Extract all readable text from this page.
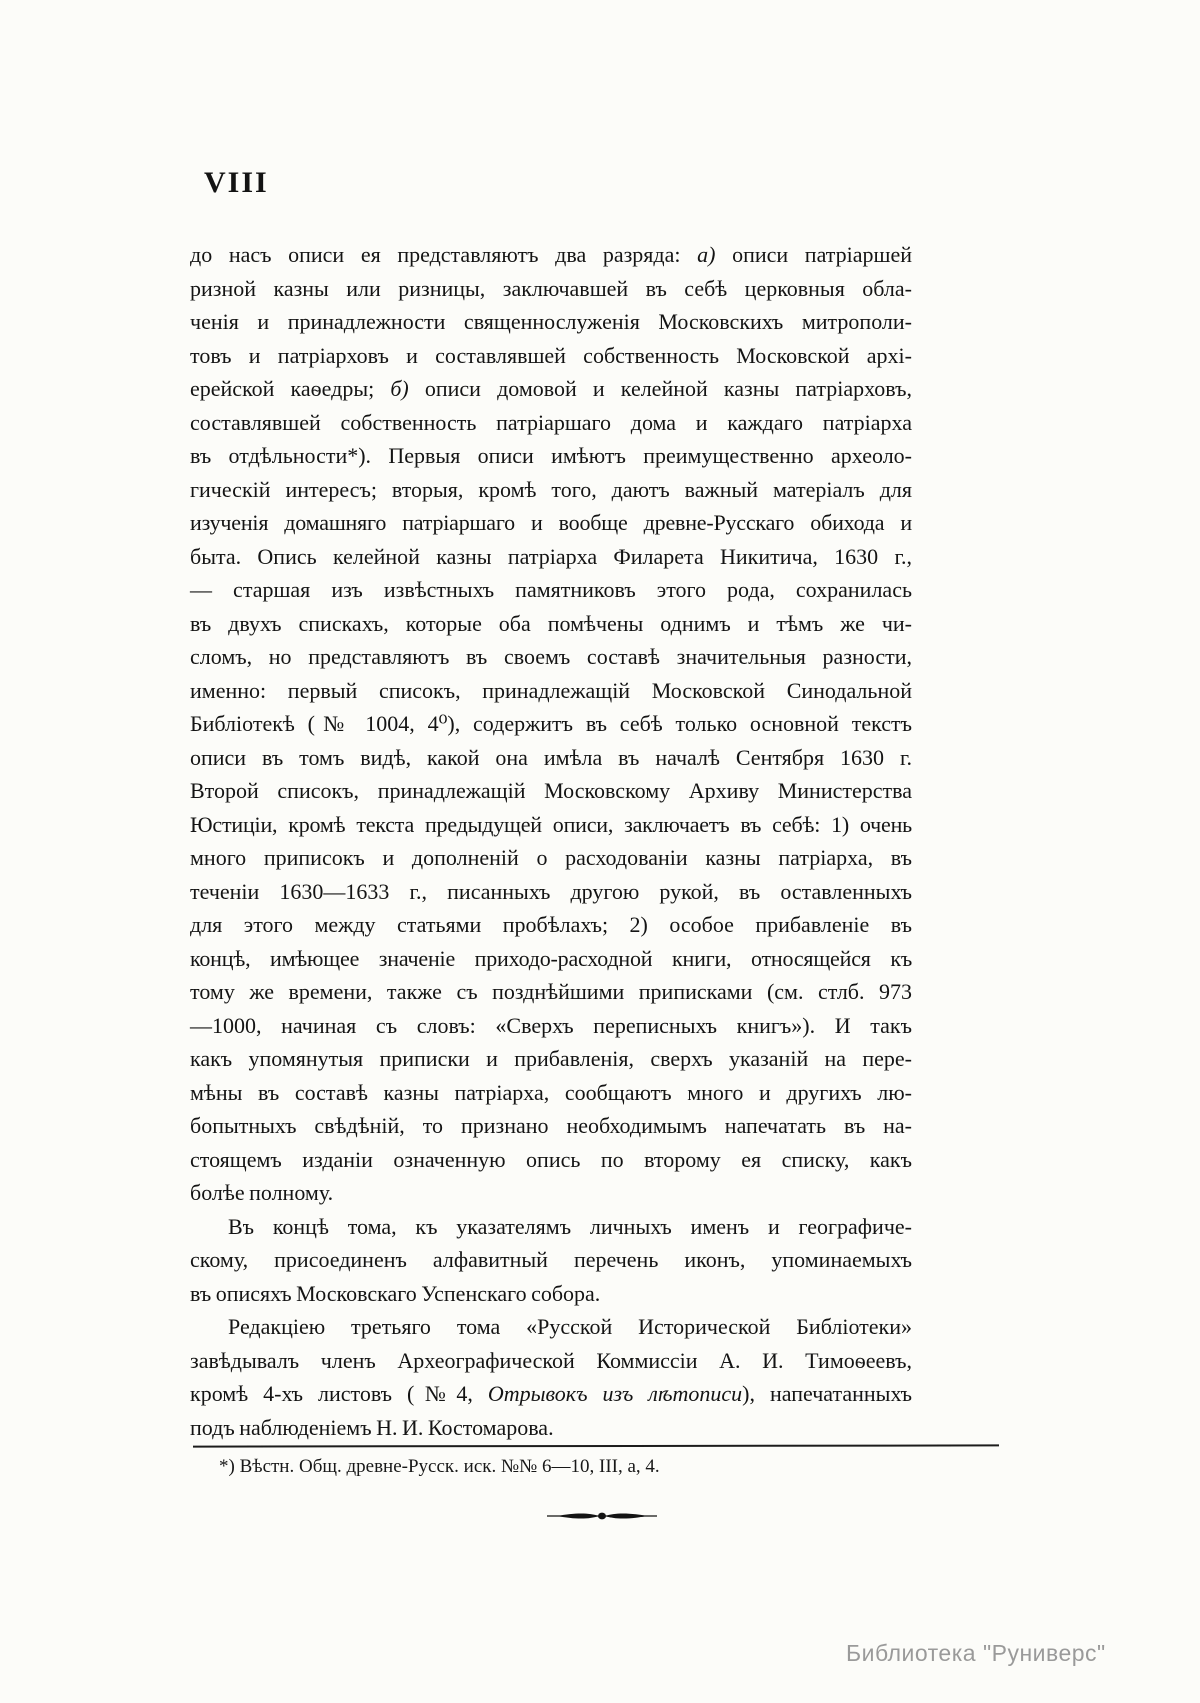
VIII
до насъ описи ея представляютъ два разряда: а) описи патріаршей
ризной казны или ризницы, заключавшей въ себѣ церковныя обла-
ченія и принадлежности священнослуженія Московскихъ митрополи-
товъ и патріарховъ и составлявшей собственность Московской архі-
ерейской каѳедры; б) описи домовой и келейной казны патріарховъ,
составлявшей собственность патріаршаго дома и каждаго патріарха
въ отдѣльности*). Первыя описи имѣютъ преимущественно археоло-
гическій интересъ; вторыя, кромѣ того, даютъ важный матеріалъ для
изученія домашняго патріаршаго и вообще древне-Русскаго обихода и
быта. Опись келейной казны патріарха Филарета Никитича, 1630 г.,
— старшая изъ извѣстныхъ памятниковъ этого рода, сохранилась
въ двухъ спискахъ, которые оба помѣчены однимъ и тѣмъ же чи-
сломъ, но представляютъ въ своемъ составѣ значительныя разности,
именно: первый списокъ, принадлежащій Московской Синодальной
Библіотекѣ (№ 1004, 4⁰), содержитъ въ себѣ только основной текстъ
описи въ томъ видѣ, какой она имѣла въ началѣ Сентября 1630 г.
Второй списокъ, принадлежащій Московскому Архиву Министерства
Юстиціи, кромѣ текста предыдущей описи, заключаетъ въ себѣ: 1) очень
много приписокъ и дополненій о расходованіи казны патріарха, въ
теченіи 1630—1633 г., писанныхъ другою рукой, въ оставленныхъ
для этого между статьями пробѣлахъ; 2) особое прибавленіе въ
концѣ, имѣющее значеніе приходо-расходной книги, относящейся къ
тому же времени, также съ позднѣйшими приписками (см. стлб. 973
—1000, начиная съ словъ: «Сверхъ переписныхъ книгъ»). И такъ
какъ упомянутыя приписки и прибавленія, сверхъ указаній на пере-
мѣны въ составѣ казны патріарха, сообщаютъ много и другихъ лю-
бопытныхъ свѣдѣній, то признано необходимымъ напечатать въ на-
стоящемъ изданіи означенную опись по второму ея списку, какъ
болѣе полному.
Въ концѣ тома, къ указателямъ личныхъ именъ и географиче-
скому, присоединенъ алфавитный перечень иконъ, упоминаемыхъ
въ описяхъ Московскаго Успенскаго собора.
Редакціею третьяго тома «Русской Исторической Библіотеки»
завѣдывалъ членъ Археографической Коммиссіи А. И. Тимоѳеевъ,
кромѣ 4-хъ листовъ (№4, Отрывокъ изъ лѣтописи), напечатанныхъ
подъ наблюденіемъ Н. И. Костомарова.
*) Вѣстн. Общ. древне-Русск. иск. №№ 6—10, III, а, 4.
Библиотека "Руниверс"
